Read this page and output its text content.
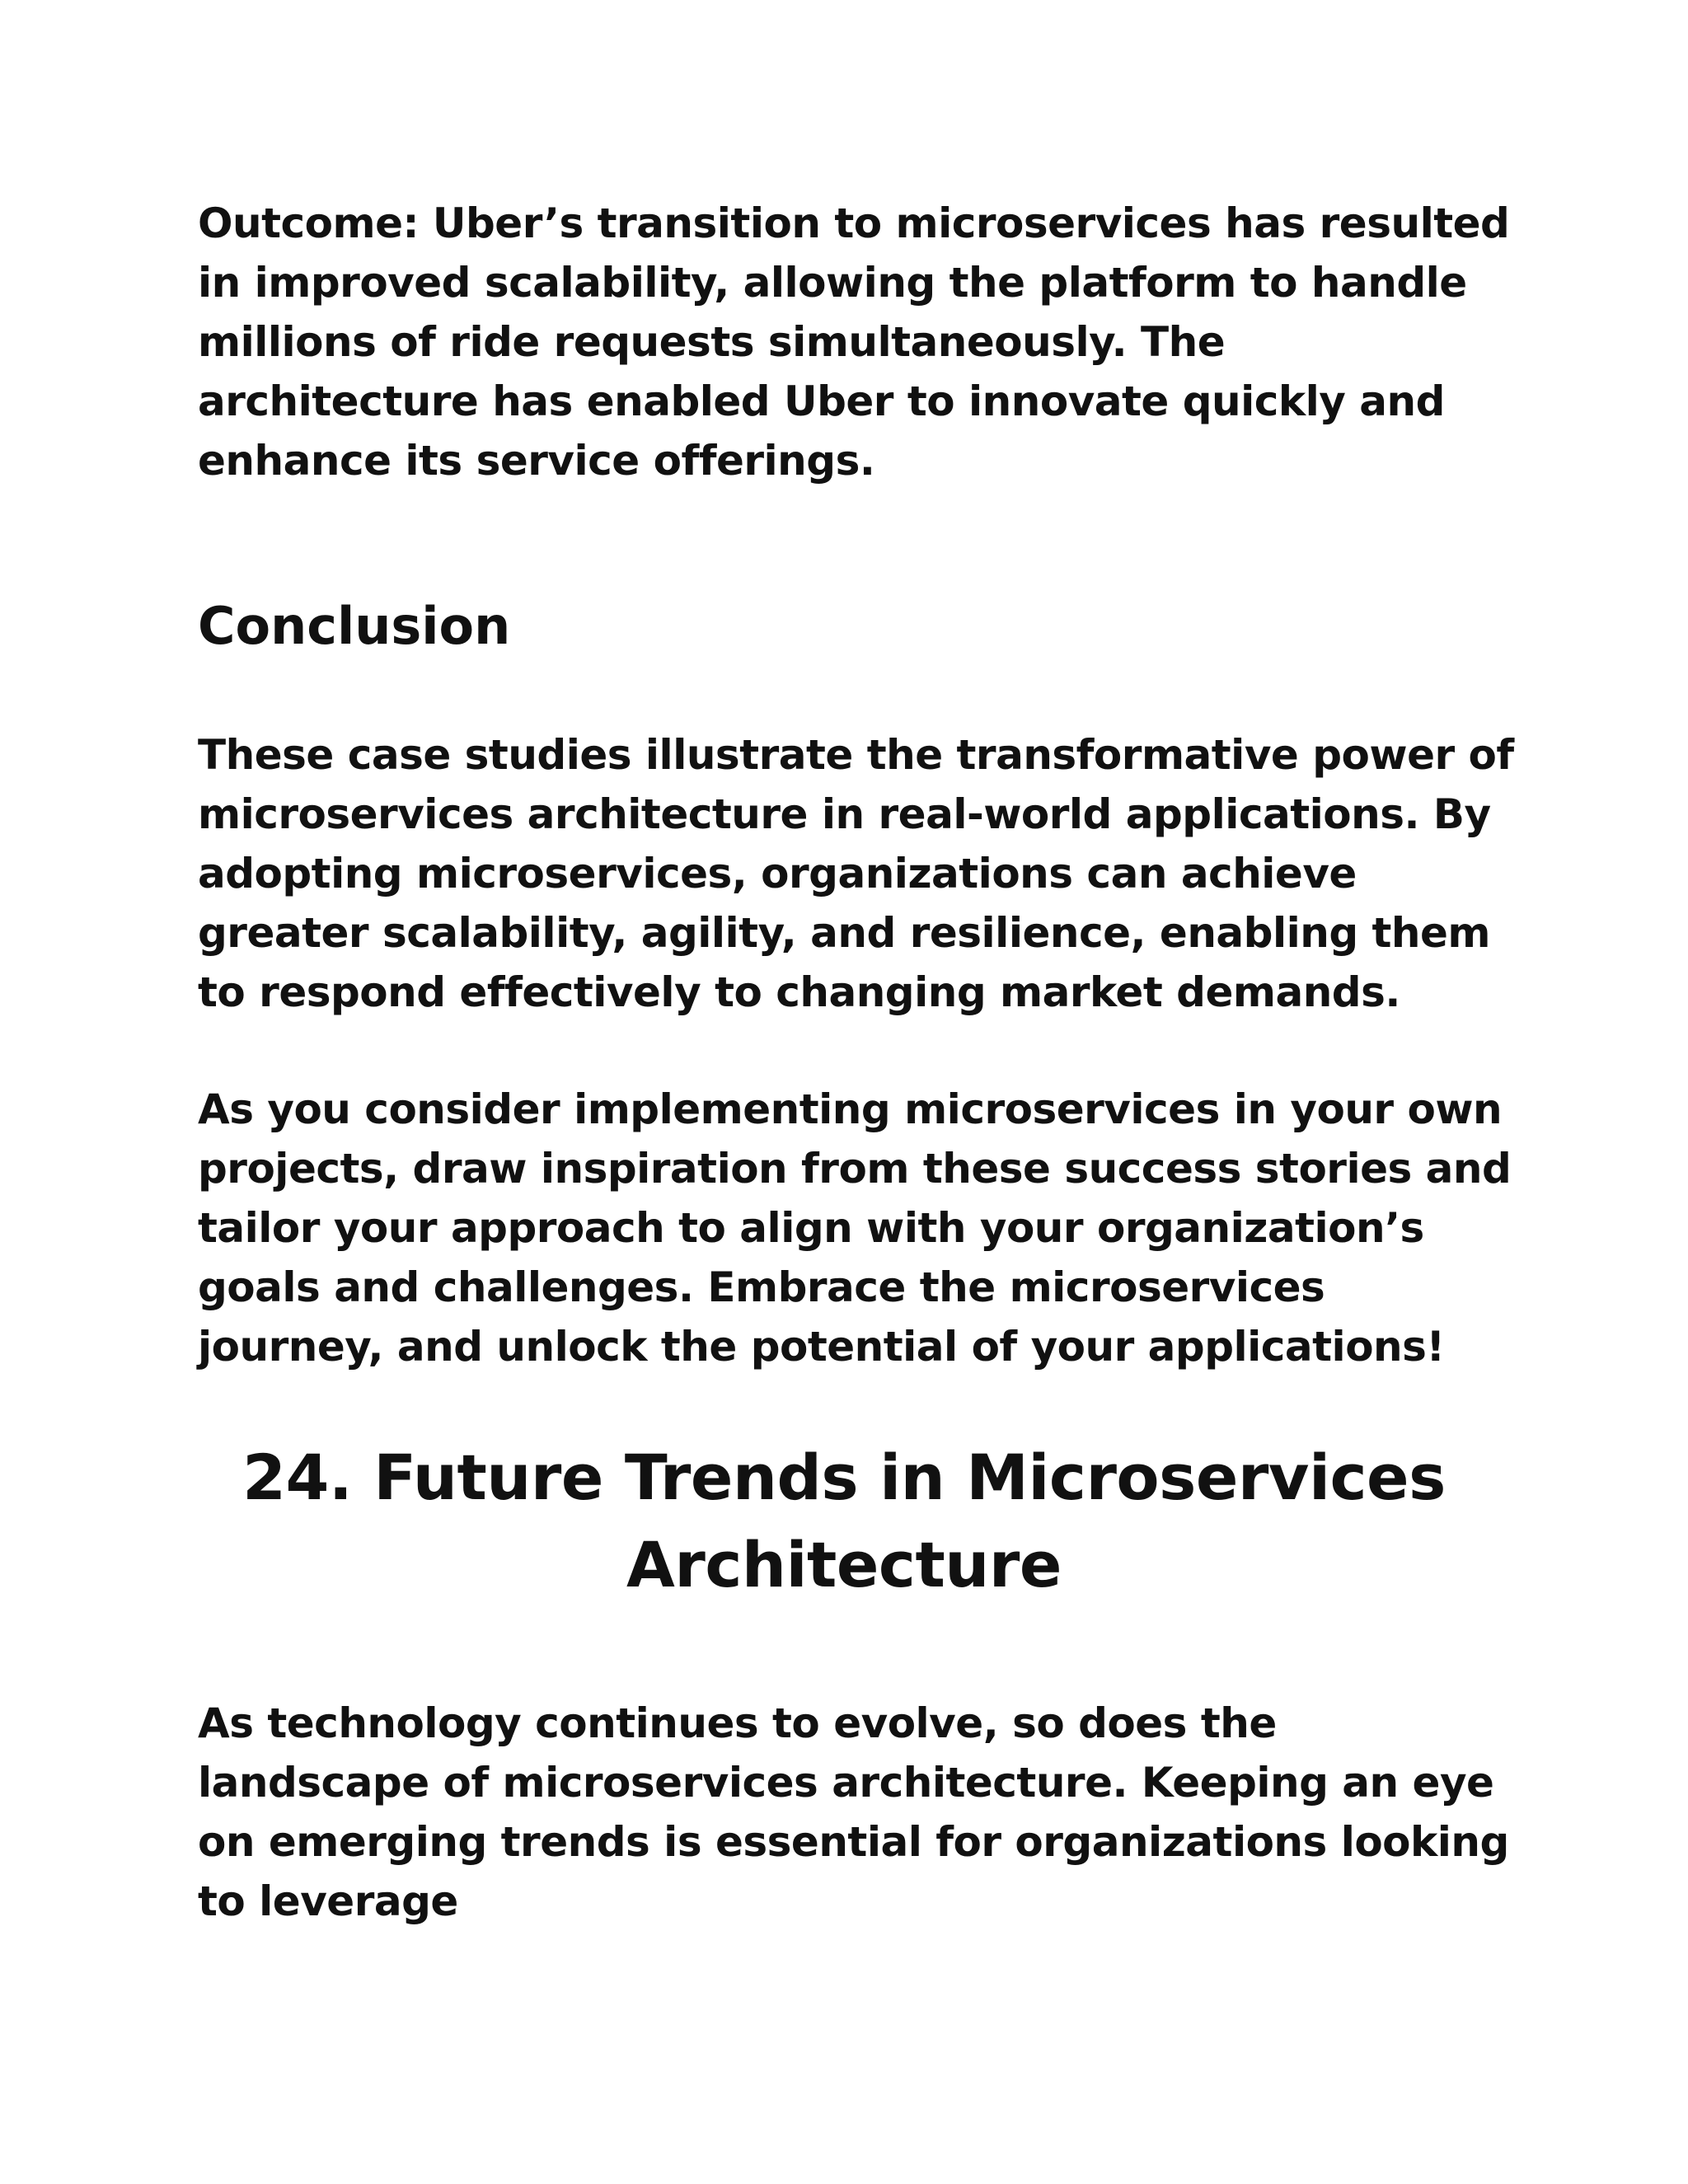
Outcome: Uber’s transition to microservices has resulted in improved scalability, allowing the platform to handle millions of ride requests simultaneously. The architecture has enabled Uber to innovate quickly and enhance its service offerings.

Conclusion

These case studies illustrate the transformative power of microservices architecture in real-world applications. By adopting microservices, organizations can achieve greater scalability, agility, and resilience, enabling them to respond effectively to changing market demands.

As you consider implementing microservices in your own projects, draw inspiration from these success stories and tailor your approach to align with your organization’s goals and challenges. Embrace the microservices journey, and unlock the potential of your applications!

24. Future Trends in Microservices Architecture

As technology continues to evolve, so does the landscape of microservices architecture. Keeping an eye on emerging trends is essential for organizations looking to leverage
